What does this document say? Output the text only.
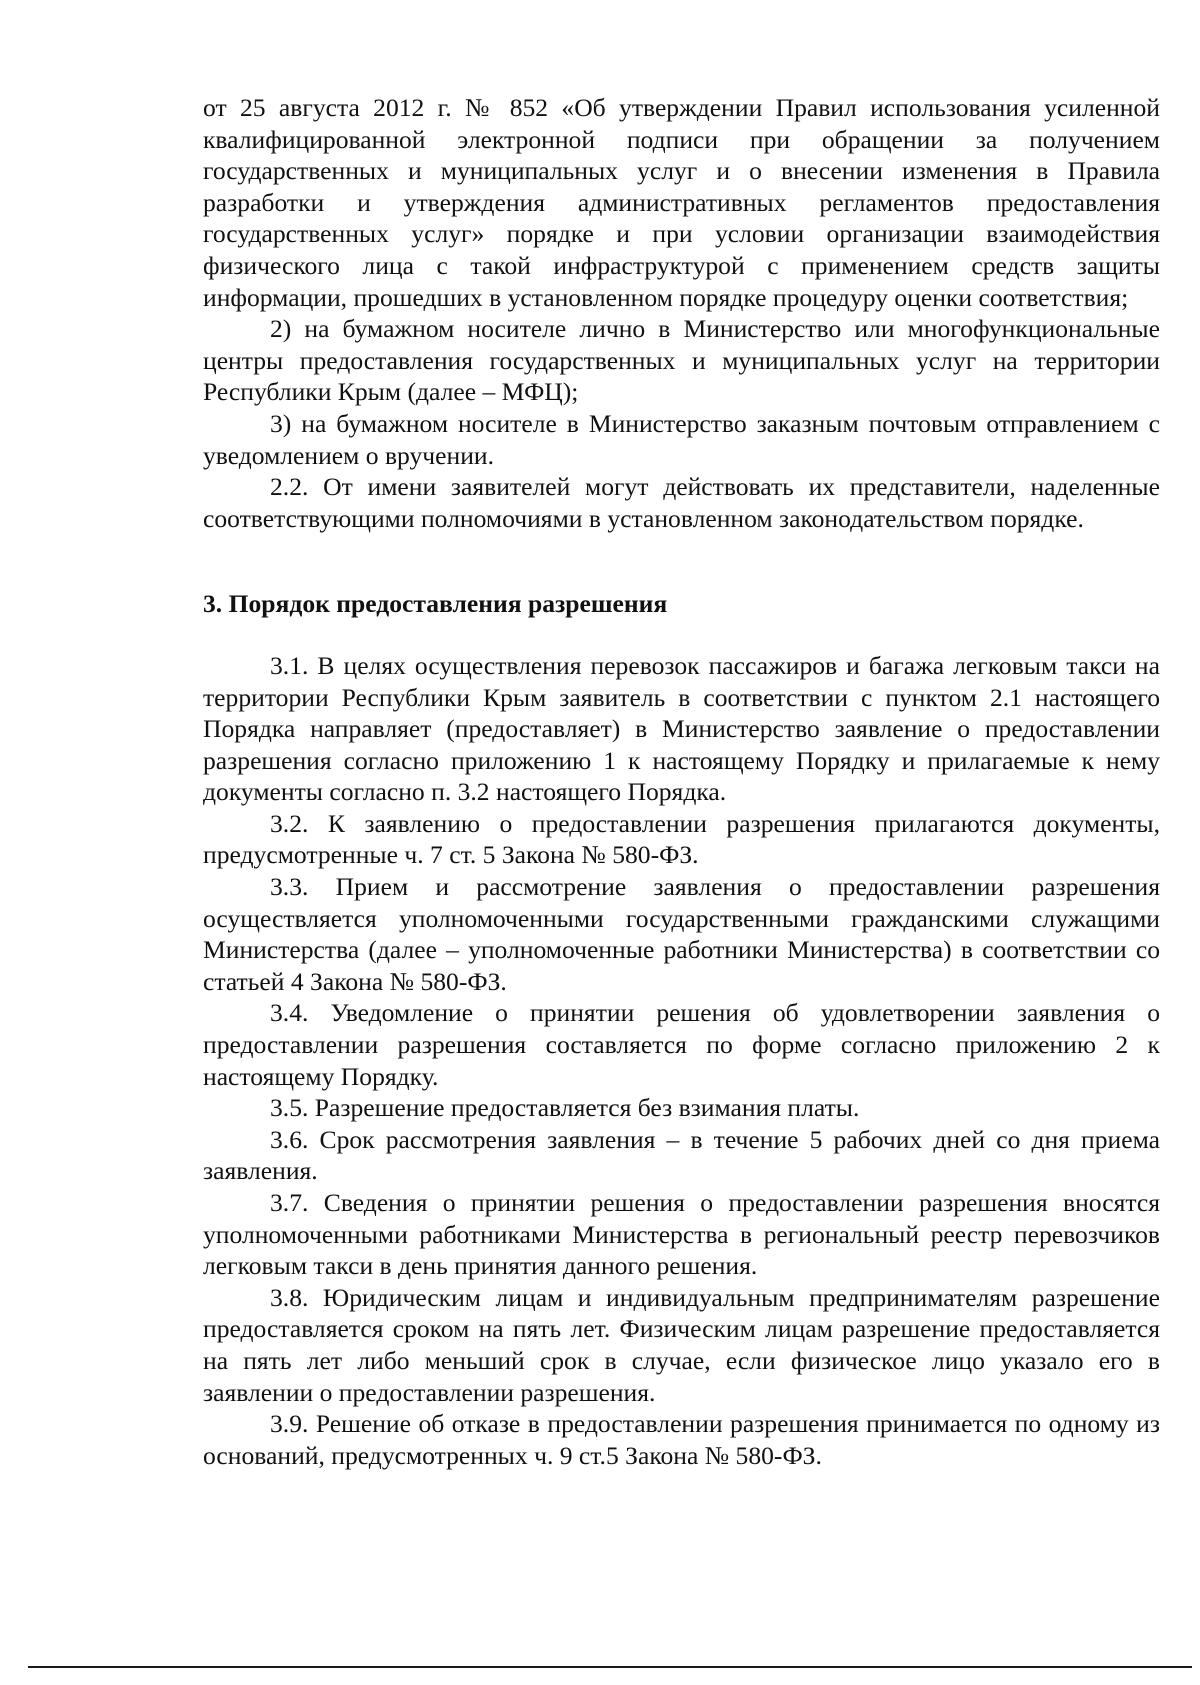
от 25 августа 2012 г. № 852 «Об утверждении Правил использования усиленной квалифицированной электронной подписи при обращении за получением государственных и муниципальных услуг и о внесении изменения в Правила разработки и утверждения административных регламентов предоставления государственных услуг» порядке и при условии организации взаимодействия физического лица с такой инфраструктурой с применением средств защиты информации, прошедших в установленном порядке процедуру оценки соответствия;

2) на бумажном носителе лично в Министерство или многофункциональные центры предоставления государственных и муниципальных услуг на территории Республики Крым (далее – МФЦ);

3) на бумажном носителе в Министерство заказным почтовым отправлением с уведомлением о вручении.

2.2. От имени заявителей могут действовать их представители, наделенные соответствующими полномочиями в установленном законодательством порядке.

3. Порядок предоставления разрешения

3.1. В целях осуществления перевозок пассажиров и багажа легковым такси на территории Республики Крым заявитель в соответствии с пунктом 2.1 настоящего Порядка направляет (предоставляет) в Министерство заявление о предоставлении разрешения согласно приложению 1 к настоящему Порядку и прилагаемые к нему документы согласно п. 3.2 настоящего Порядка.

3.2. К заявлению о предоставлении разрешения прилагаются документы, предусмотренные ч. 7 ст. 5 Закона № 580-ФЗ.

3.3. Прием и рассмотрение заявления о предоставлении разрешения осуществляется уполномоченными государственными гражданскими служащими Министерства (далее – уполномоченные работники Министерства) в соответствии со статьей 4 Закона № 580-ФЗ.

3.4. Уведомление о принятии решения об удовлетворении заявления о предоставлении разрешения составляется по форме согласно приложению 2 к настоящему Порядку.

3.5. Разрешение предоставляется без взимания платы.

3.6. Срок рассмотрения заявления – в течение 5 рабочих дней со дня приема заявления.

3.7. Сведения о принятии решения о предоставлении разрешения вносятся уполномоченными работниками Министерства в региональный реестр перевозчиков легковым такси в день принятия данного решения.

3.8. Юридическим лицам и индивидуальным предпринимателям разрешение предоставляется сроком на пять лет. Физическим лицам разрешение предоставляется на пять лет либо меньший срок в случае, если физическое лицо указало его в заявлении о предоставлении разрешения.

3.9. Решение об отказе в предоставлении разрешения принимается по одному из оснований, предусмотренных ч. 9 ст.5 Закона № 580-ФЗ.
